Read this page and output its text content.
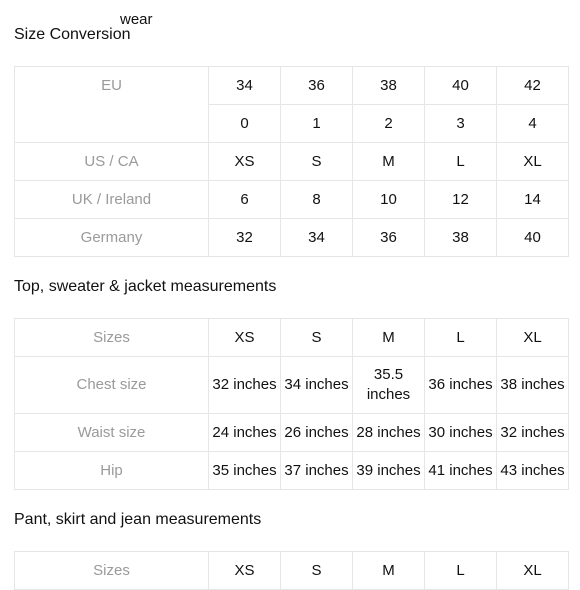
wear
Size Conversion
EU	34	36	38	40	42
	0	1	2	3	4
US / CA	XS	S	M	L	XL
UK / Ireland	6	8	10	12	14
Germany	32	34	36	38	40
Top, sweater & jacket measurements
Sizes	XS	S	M	L	XL
Chest size	32 inches	34 inches	35.5 inches	36 inches	38 inches
Waist size	24 inches	26 inches	28 inches	30 inches	32 inches
Hip	35 inches	37 inches	39 inches	41 inches	43 inches
Pant, skirt and jean measurements
Sizes	XS	S	M	L	XL
